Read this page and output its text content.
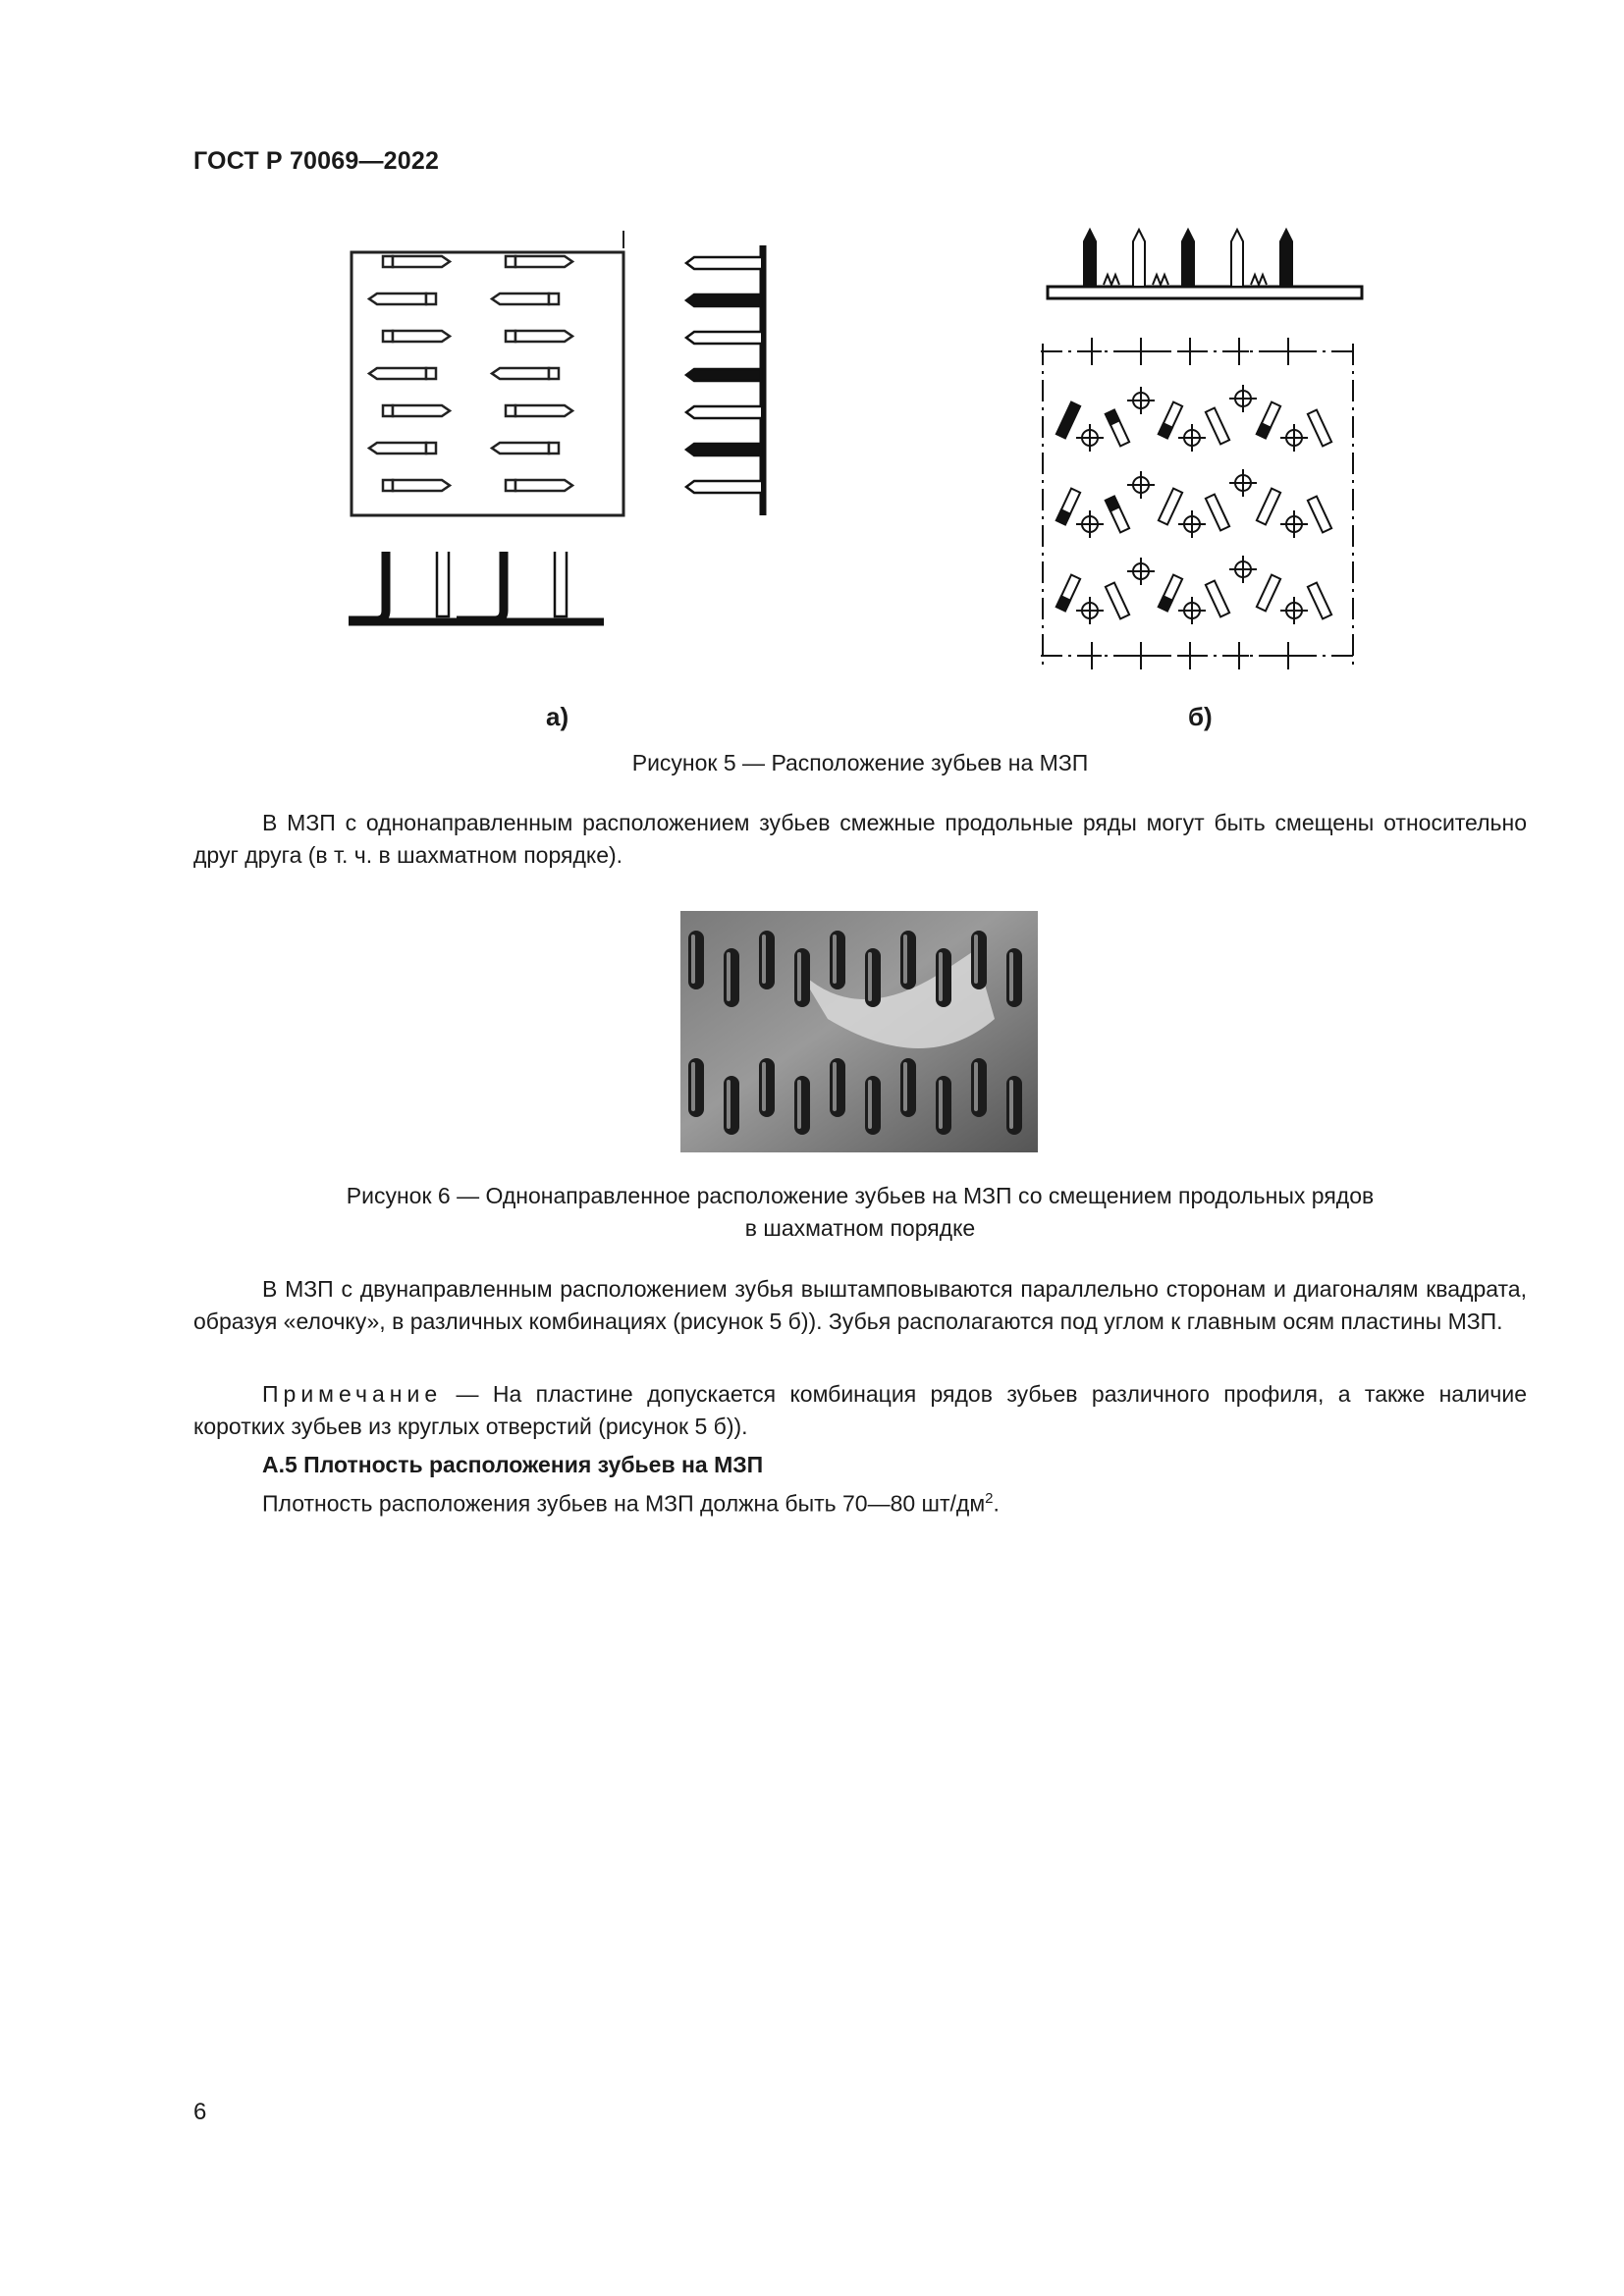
ГОСТ Р 70069—2022
а)	б)
Рисунок 5 — Расположение зубьев на МЗП
В МЗП с однонаправленным расположением зубьев смежные продольные ряды могут быть смещены относительно друг друга (в т. ч. в шахматном порядке).
Рисунок 6 — Однонаправленное расположение зубьев на МЗП со смещением продольных рядов
в шахматном порядке
В МЗП с двунаправленным расположением зубья выштамповываются параллельно сторонам и диагоналям квадрата, образуя «елочку», в различных комбинациях (рисунок 5 б)). Зубья располагаются под углом к главным осям пластины МЗП.
Примечание — На пластине допускается комбинация рядов зубьев различного профиля, а также наличие коротких зубьев из круглых отверстий (рисунок 5 б)).
А.5 Плотность расположения зубьев на МЗП
Плотность расположения зубьев на МЗП должна быть 70—80 $шт/дм^2$.
6
